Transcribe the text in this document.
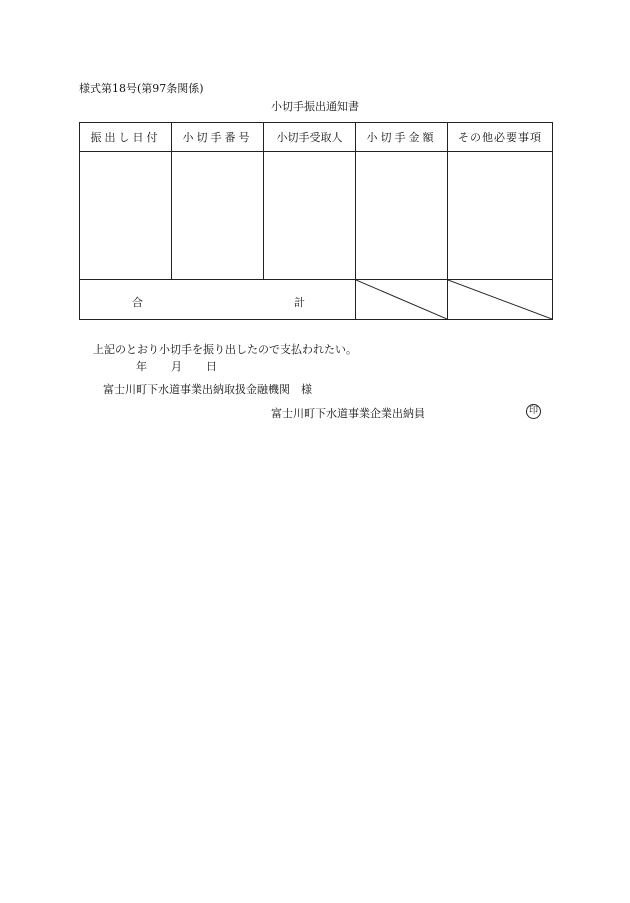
様式第18号(第97条関係)
小切手振出通知書
振出し日付	小切手番号	小切手受取人	小切手金額	その他必要事項

合 計

上記のとおり小切手を振り出したので支払われたい。
年 月 日
富士川町下水道事業出納取扱金融機関　様
富士川町下水道事業企業出納員	印
